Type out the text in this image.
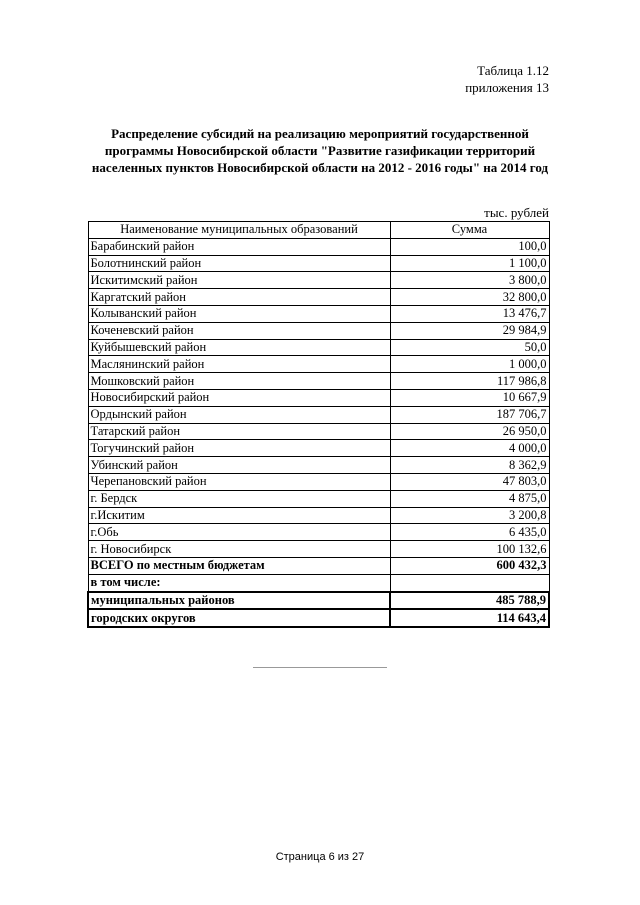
Таблица 1.12
приложения 13
Распределение субсидий на реализацию мероприятий государственной
программы Новосибирской области "Развитие газификации территорий
населенных пунктов Новосибирской области на 2012 - 2016 годы" на 2014 год
тыс. рублей
Наименование муниципальных образований	Сумма
Барабинский район	100,0
Болотнинский район	1 100,0
Искитимский район	3 800,0
Каргатский район	32 800,0
Колыванский район	13 476,7
Коченевский район	29 984,9
Куйбышевский район	50,0
Маслянинский район	1 000,0
Мошковский район	117 986,8
Новосибирский район	10 667,9
Ордынский район	187 706,7
Татарский район	26 950,0
Тогучинский район	4 000,0
Убинский район	8 362,9
Черепановский район	47 803,0
г. Бердск	4 875,0
г.Искитим	3 200,8
г.Обь	6 435,0
г. Новосибирск	100 132,6
ВСЕГО по местным бюджетам	600 432,3
в том числе:	
муниципальных районов	485 788,9
городских округов	114 643,4
Страница 6 из 27
